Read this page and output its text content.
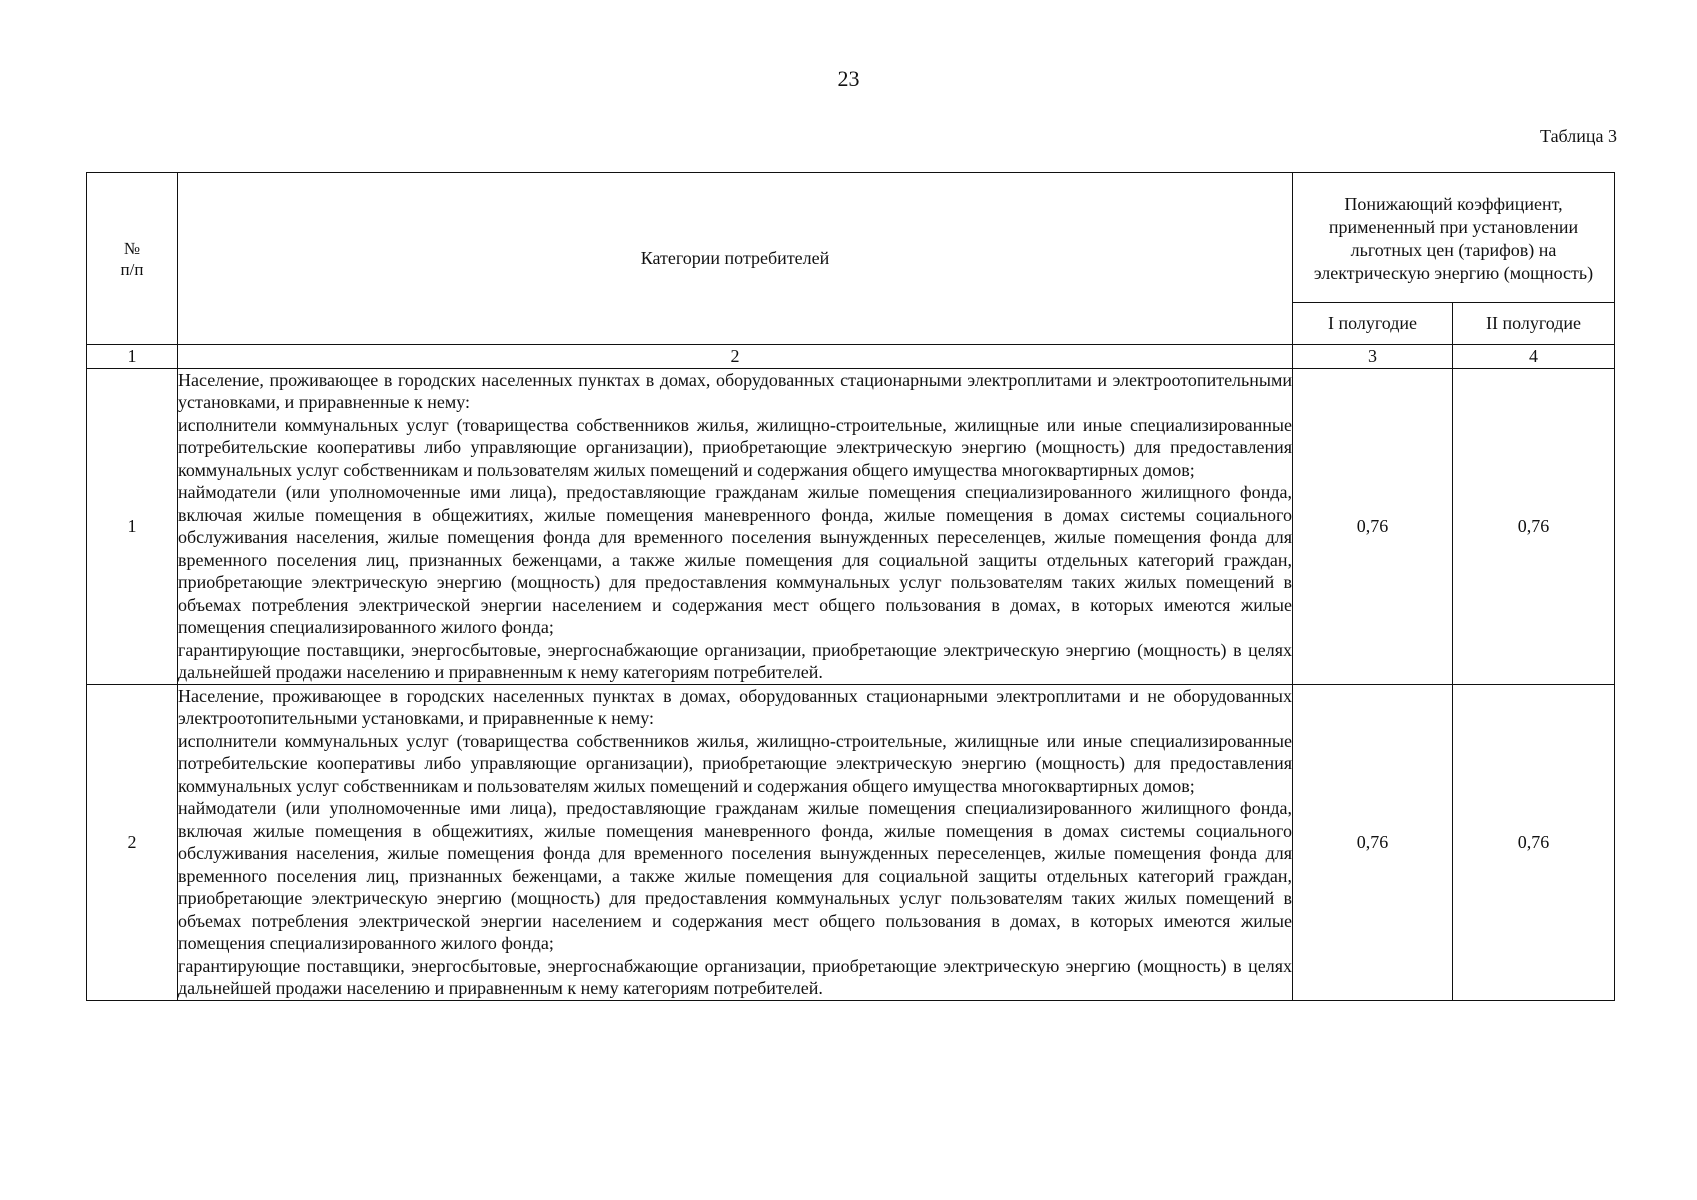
23
Таблица 3
№
п/п	Категории потребителей	Понижающий коэффициент, примененный при установлении льготных цен (тарифов) на электрическую энергию (мощность)	
		I полугодие	II полугодие
1	2	3	4
1	Население, проживающее в городских населенных пунктах в домах, оборудованных стационарными электроплитами и электроотопительными установками, и приравненные к нему:
исполнители коммунальных услуг (товарищества собственников жилья, жилищно-строительные, жилищные или иные специализированные потребительские кооперативы либо управляющие организации), приобретающие электрическую энергию (мощность) для предоставления коммунальных услуг собственникам и пользователям жилых помещений и содержания общего имущества многоквартирных домов;
наймодатели (или уполномоченные ими лица), предоставляющие гражданам жилые помещения специализированного жилищного фонда, включая жилые помещения в общежитиях, жилые помещения маневренного фонда, жилые помещения в домах системы социального обслуживания населения, жилые помещения фонда для временного поселения вынужденных переселенцев, жилые помещения фонда для временного поселения лиц, признанных беженцами, а также жилые помещения для социальной защиты отдельных категорий граждан, приобретающие электрическую энергию (мощность) для предоставления коммунальных услуг пользователям таких жилых помещений в объемах потребления электрической энергии населением и содержания мест общего пользования в домах, в которых имеются жилые помещения специализированного жилого фонда;
гарантирующие поставщики, энергосбытовые, энергоснабжающие организации, приобретающие электрическую энергию (мощность) в целях дальнейшей продажи населению и приравненным к нему категориям потребителей.	0,76	0,76
2	Население, проживающее в городских населенных пунктах в домах, оборудованных стационарными электроплитами и не оборудованных электроотопительными установками, и приравненные к нему:
исполнители коммунальных услуг (товарищества собственников жилья, жилищно-строительные, жилищные или иные специализированные потребительские кооперативы либо управляющие организации), приобретающие электрическую энергию (мощность) для предоставления коммунальных услуг собственникам и пользователям жилых помещений и содержания общего имущества многоквартирных домов;
наймодатели (или уполномоченные ими лица), предоставляющие гражданам жилые помещения специализированного жилищного фонда, включая жилые помещения в общежитиях, жилые помещения маневренного фонда, жилые помещения в домах системы социального обслуживания населения, жилые помещения фонда для временного поселения вынужденных переселенцев, жилые помещения фонда для временного поселения лиц, признанных беженцами, а также жилые помещения для социальной защиты отдельных категорий граждан, приобретающие электрическую энергию (мощность) для предоставления коммунальных услуг пользователям таких жилых помещений в объемах потребления электрической энергии населением и содержания мест общего пользования в домах, в которых имеются жилые помещения специализированного жилого фонда;
гарантирующие поставщики, энергосбытовые, энергоснабжающие организации, приобретающие электрическую энергию (мощность) в целях дальнейшей продажи населению и приравненным к нему категориям потребителей.	0,76	0,76
